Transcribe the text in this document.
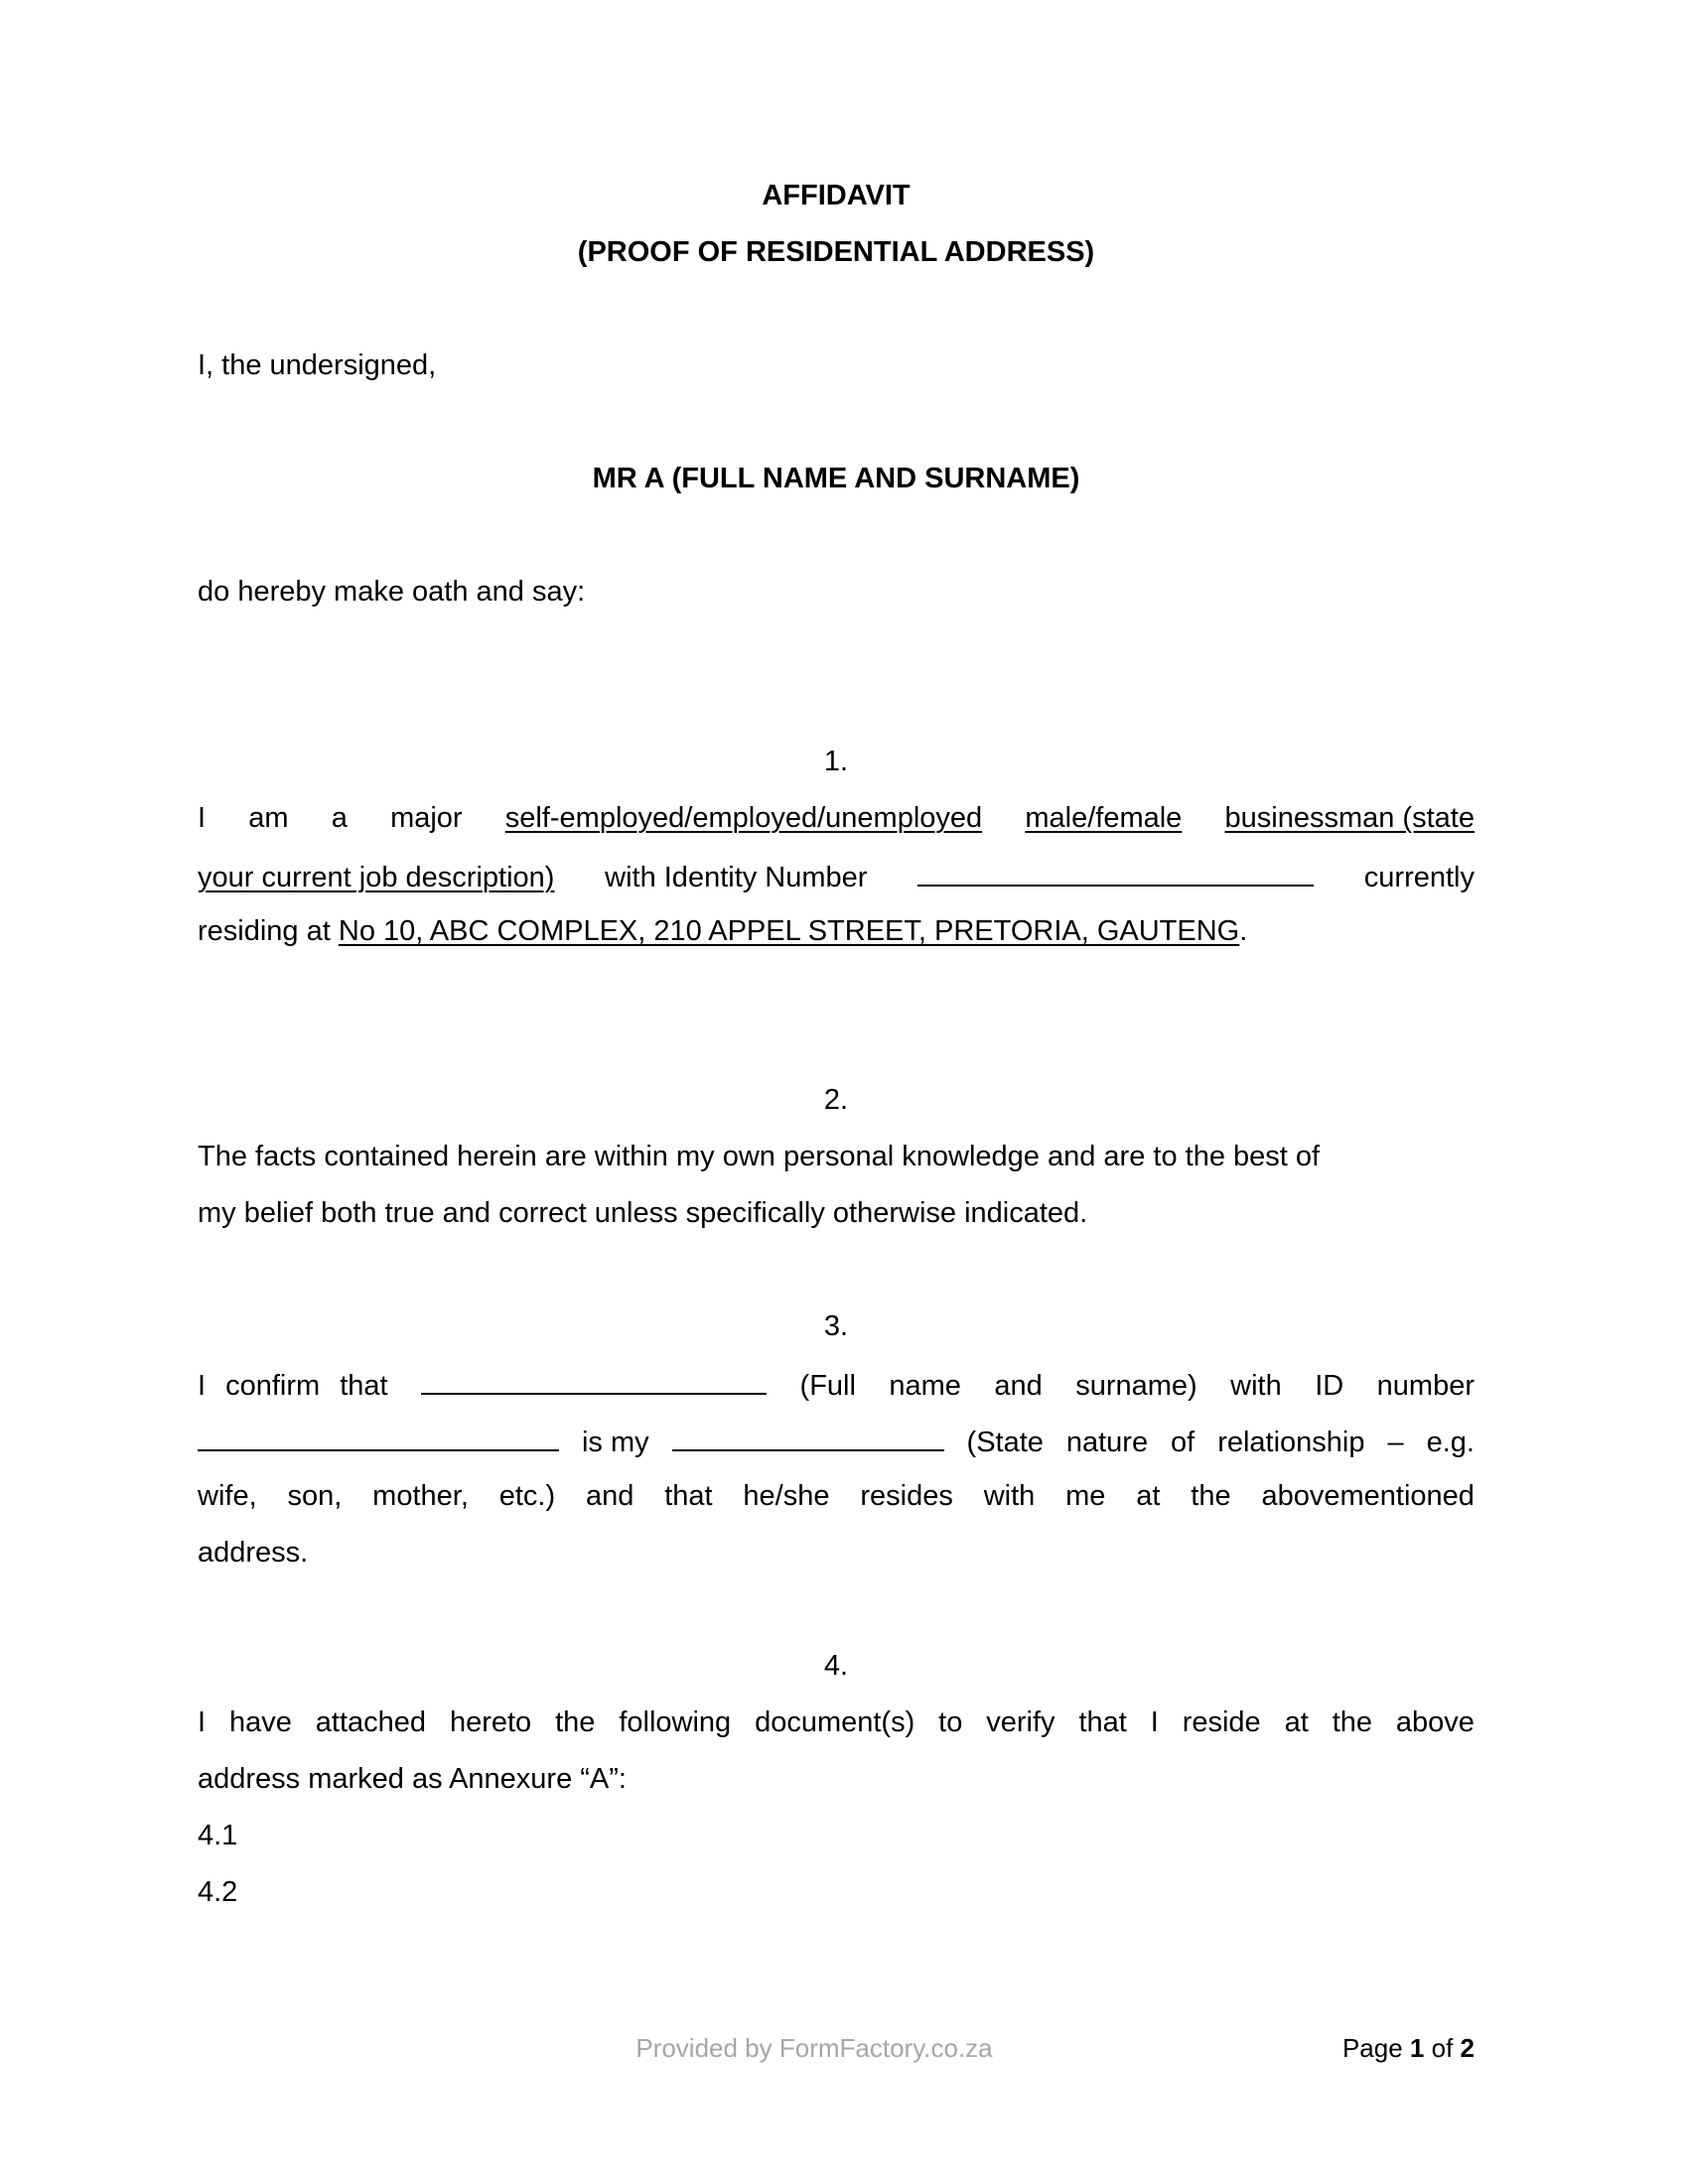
AFFIDAVIT
(PROOF OF RESIDENTIAL ADDRESS)
I, the undersigned,
MR A (FULL NAME AND SURNAME)
do hereby make oath and say:
1.
I am a major self-employed/employed/unemployed male/female businessman (state
your current job description) with Identity Number	currently
residing at No 10, ABC COMPLEX, 210 APPEL STREET, PRETORIA, GAUTENG.
2.
The facts contained herein are within my own personal knowledge and are to the best of
my belief both true and correct unless specifically otherwise indicated.
3.
I confirm that	(Full name and surname) with ID number
is my	(State nature of relationship – e.g.
wife, son, mother, etc.) and that he/she resides with me at the abovementioned
address.
4.
I have attached hereto the following document(s) to verify that I reside at the above
address marked as Annexure “A”:
4.1
4.2
Provided by FormFactory.co.za	Page 1 of 2
